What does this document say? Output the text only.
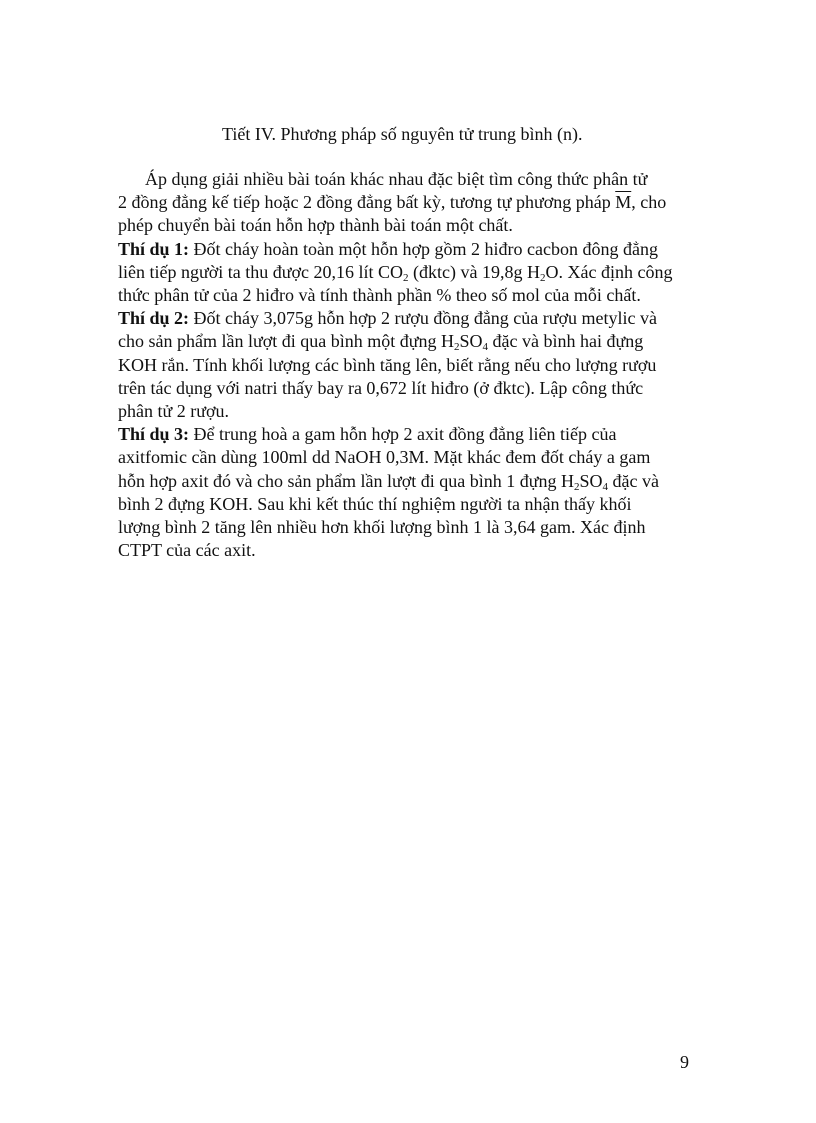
Tiết IV. Phương pháp số nguyên tử trung bình (n).
Áp dụng giải nhiều bài toán khác nhau đặc biệt tìm công thức phân tử
2 đồng đẳng kế tiếp hoặc 2 đồng đẳng bất kỳ, tương tự phương pháp $\overline{M}$, cho
phép chuyển bài toán hỗn hợp thành bài toán một chất.
Thí dụ 1: Đốt cháy hoàn toàn một hỗn hợp gồm 2 hiđro cacbon đông đẳng
liên tiếp người ta thu được 20,16 lít $CO_2$ (đktc) và 19,8g $H_2O$. Xác định công
thức phân tử của 2 hiđro và tính thành phần % theo số mol của mỗi chất.
Thí dụ 2: Đốt cháy 3,075g hỗn hợp 2 rượu đồng đẳng của rượu metylic và
cho sản phẩm lần lượt đi qua bình một đựng $H_2SO_4$ đặc và bình hai đựng
KOH rắn. Tính khối lượng các bình tăng lên, biết rằng nếu cho lượng rượu
trên tác dụng với natri thấy bay ra 0,672 lít hiđro (ở đktc). Lập công thức
phân tử 2 rượu.
Thí dụ 3: Để trung hoà a gam hỗn hợp 2 axit đồng đẳng liên tiếp của
axitfomic cần dùng 100ml dd NaOH 0,3M. Mặt khác đem đốt cháy a gam
hỗn hợp axit đó và cho sản phẩm lần lượt đi qua bình 1 đựng $H_2SO_4$ đặc và
bình 2 đựng KOH. Sau khi kết thúc thí nghiệm người ta nhận thấy khối
lượng bình 2 tăng lên nhiều hơn khối lượng bình 1 là 3,64 gam. Xác định
CTPT của các axit.
9
